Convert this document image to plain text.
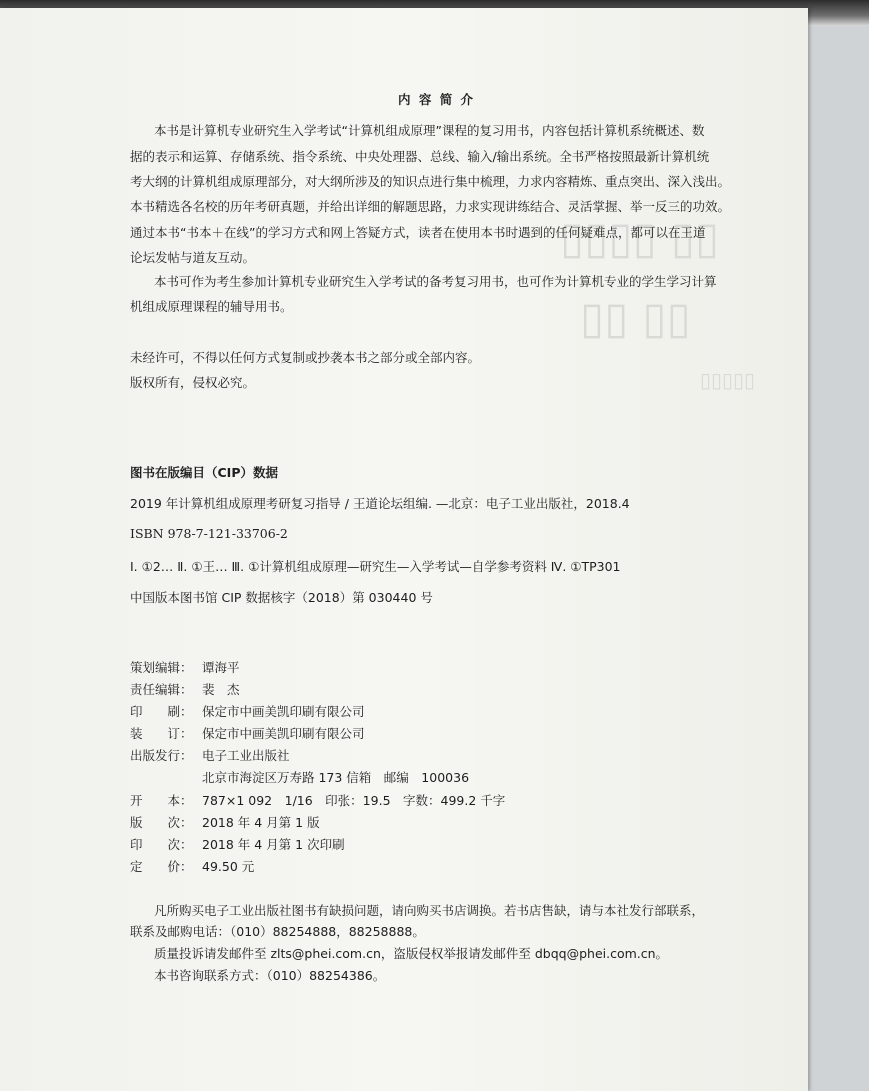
▯▯▯▯ ▯▯
▯▯ ▯▯
▯▯▯▯▯
内 容 简 介
本书是计算机专业研究生入学考试“计算机组成原理”课程的复习用书，内容包括计算机系统概述、数
据的表示和运算、存储系统、指令系统、中央处理器、总线、输入/输出系统。全书严格按照最新计算机统
考大纲的计算机组成原理部分，对大纲所涉及的知识点进行集中梳理，力求内容精炼、重点突出、深入浅出。
本书精选各名校的历年考研真题，并给出详细的解题思路，力求实现讲练结合、灵活掌握、举一反三的功效。
通过本书“书本＋在线”的学习方式和网上答疑方式，读者在使用本书时遇到的任何疑难点，都可以在王道
论坛发帖与道友互动。
本书可作为考生参加计算机专业研究生入学考试的备考复习用书，也可作为计算机专业的学生学习计算
机组成原理课程的辅导用书。
未经许可，不得以任何方式复制或抄袭本书之部分或全部内容。
版权所有，侵权必究。
图书在版编目（CIP）数据
2019 年计算机组成原理考研复习指导 / 王道论坛组编. —北京：电子工业出版社，2018.4
ISBN 978-7-121-33706-2
Ⅰ. ①2… Ⅱ. ①王… Ⅲ. ①计算机组成原理—研究生—入学考试—自学参考资料 Ⅳ. ①TP301
中国版本图书馆 CIP 数据核字（2018）第 030440 号
策划编辑： 谭海平
责任编辑： 裴　杰
印　　刷： 保定市中画美凯印刷有限公司
装　　订： 保定市中画美凯印刷有限公司
出版发行： 电子工业出版社
北京市海淀区万寿路 173 信箱　邮编　100036
开　　本： 787×1 092　1/16　印张：19.5　字数：499.2 千字
版　　次： 2018 年 4 月第 1 版
印　　次： 2018 年 4 月第 1 次印刷
定　　价： 49.50 元
凡所购买电子工业出版社图书有缺损问题，请向购买书店调换。若书店售缺，请与本社发行部联系，
联系及邮购电话：（010）88254888，88258888。
质量投诉请发邮件至 zlts@phei.com.cn，盗版侵权举报请发邮件至 dbqq@phei.com.cn。
本书咨询联系方式：（010）88254386。
